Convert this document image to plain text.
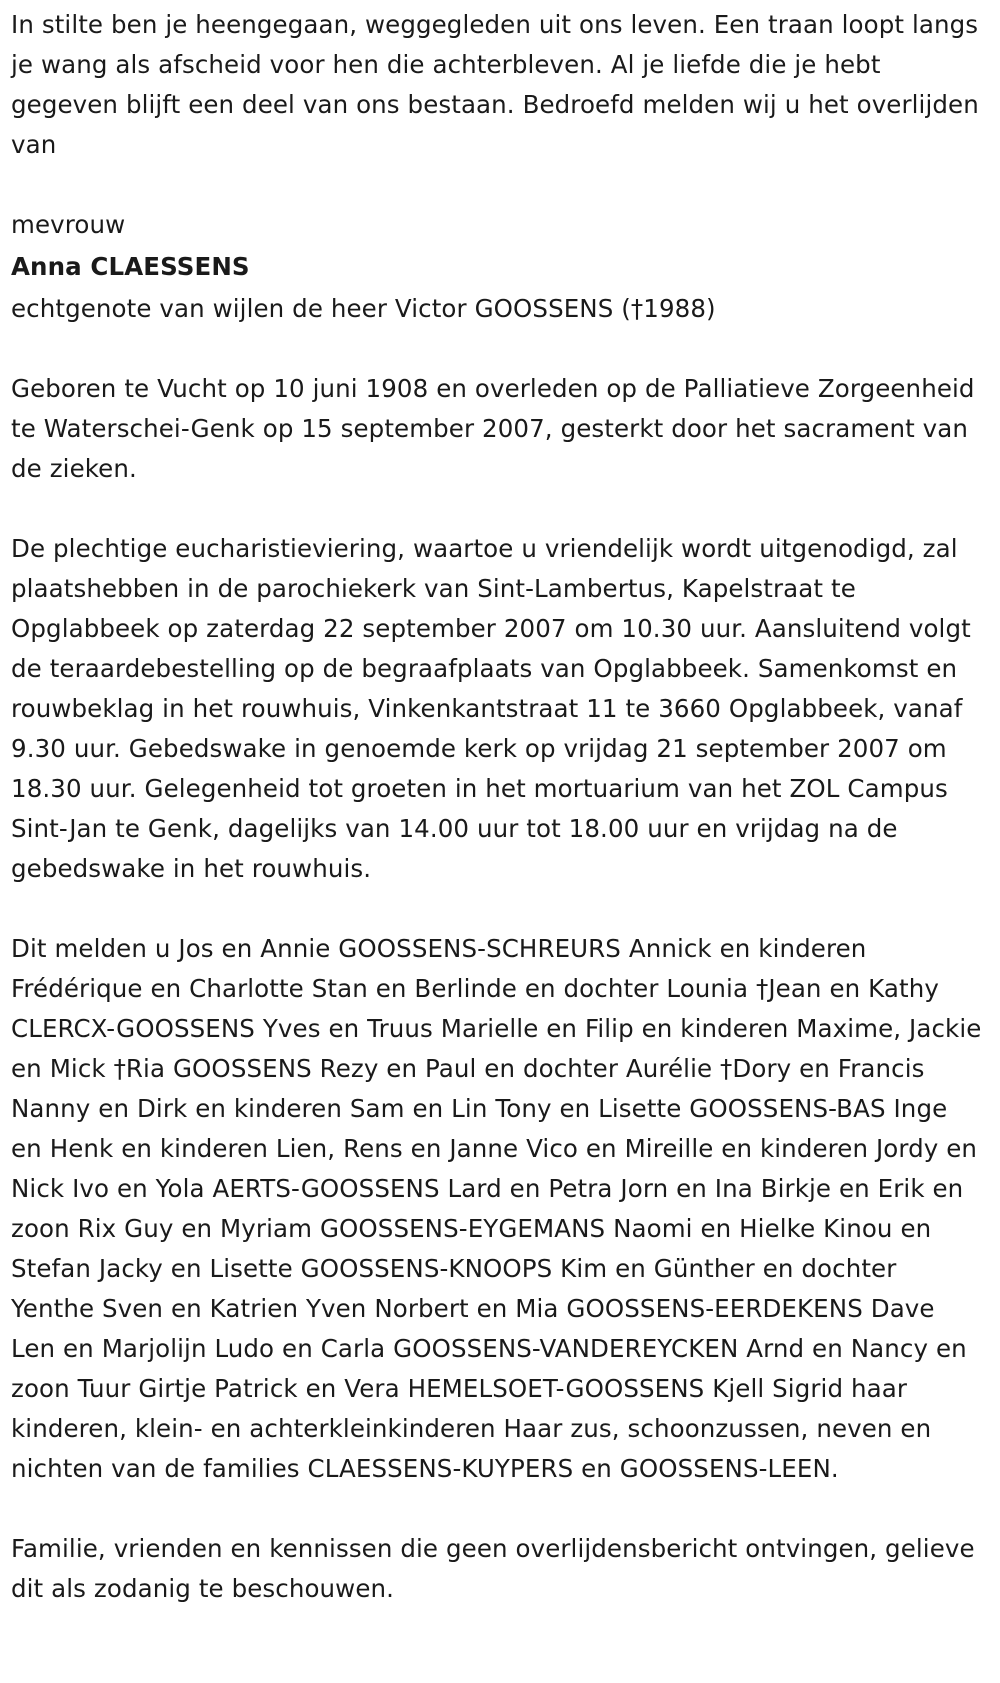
In stilte ben je heengegaan, weggegleden uit ons leven. Een traan loopt langs je wang als afscheid voor hen die achterbleven. Al je liefde die je hebt gegeven blijft een deel van ons bestaan. Bedroefd melden wij u het overlijden van

mevrouw

Anna CLAESSENS

echtgenote van wijlen de heer Victor GOOSSENS (†1988)

Geboren te Vucht op 10 juni 1908 en overleden op de Palliatieve Zorgeenheid te Waterschei-Genk op 15 september 2007, gesterkt door het sacrament van de zieken.

De plechtige eucharistieviering, waartoe u vriendelijk wordt uitgenodigd, zal plaatshebben in de parochiekerk van Sint-Lambertus, Kapelstraat te Opglabbeek op zaterdag 22 september 2007 om 10.30 uur. Aansluitend volgt de teraardebestelling op de begraafplaats van Opglabbeek. Samenkomst en rouwbeklag in het rouwhuis, Vinkenkantstraat 11 te 3660 Opglabbeek, vanaf 9.30 uur. Gebedswake in genoemde kerk op vrijdag 21 september 2007 om 18.30 uur. Gelegenheid tot groeten in het mortuarium van het ZOL Campus Sint-Jan te Genk, dagelijks van 14.00 uur tot 18.00 uur en vrijdag na de gebedswake in het rouwhuis.

Dit melden u Jos en Annie GOOSSENS-SCHREURS Annick en kinderen Frédérique en Charlotte Stan en Berlinde en dochter Lounia †Jean en Kathy CLERCX-GOOSSENS Yves en Truus Marielle en Filip en kinderen Maxime, Jackie en Mick †Ria GOOSSENS Rezy en Paul en dochter Aurélie †Dory en Francis Nanny en Dirk en kinderen Sam en Lin Tony en Lisette GOOSSENS-BAS Inge en Henk en kinderen Lien, Rens en Janne Vico en Mireille en kinderen Jordy en Nick Ivo en Yola AERTS-GOOSSENS Lard en Petra Jorn en Ina Birkje en Erik en zoon Rix Guy en Myriam GOOSSENS-EYGEMANS Naomi en Hielke Kinou en Stefan Jacky en Lisette GOOSSENS-KNOOPS Kim en Günther en dochter Yenthe Sven en Katrien Yven Norbert en Mia GOOSSENS-EERDEKENS Dave Len en Marjolijn Ludo en Carla GOOSSENS-VANDEREYCKEN Arnd en Nancy en zoon Tuur Girtje Patrick en Vera HEMELSOET-GOOSSENS Kjell Sigrid haar kinderen, klein- en achterkleinkinderen Haar zus, schoonzussen, neven en nichten van de families CLAESSENS-KUYPERS en GOOSSENS-LEEN.

Familie, vrienden en kennissen die geen overlijdensbericht ontvingen, gelieve dit als zodanig te beschouwen.
